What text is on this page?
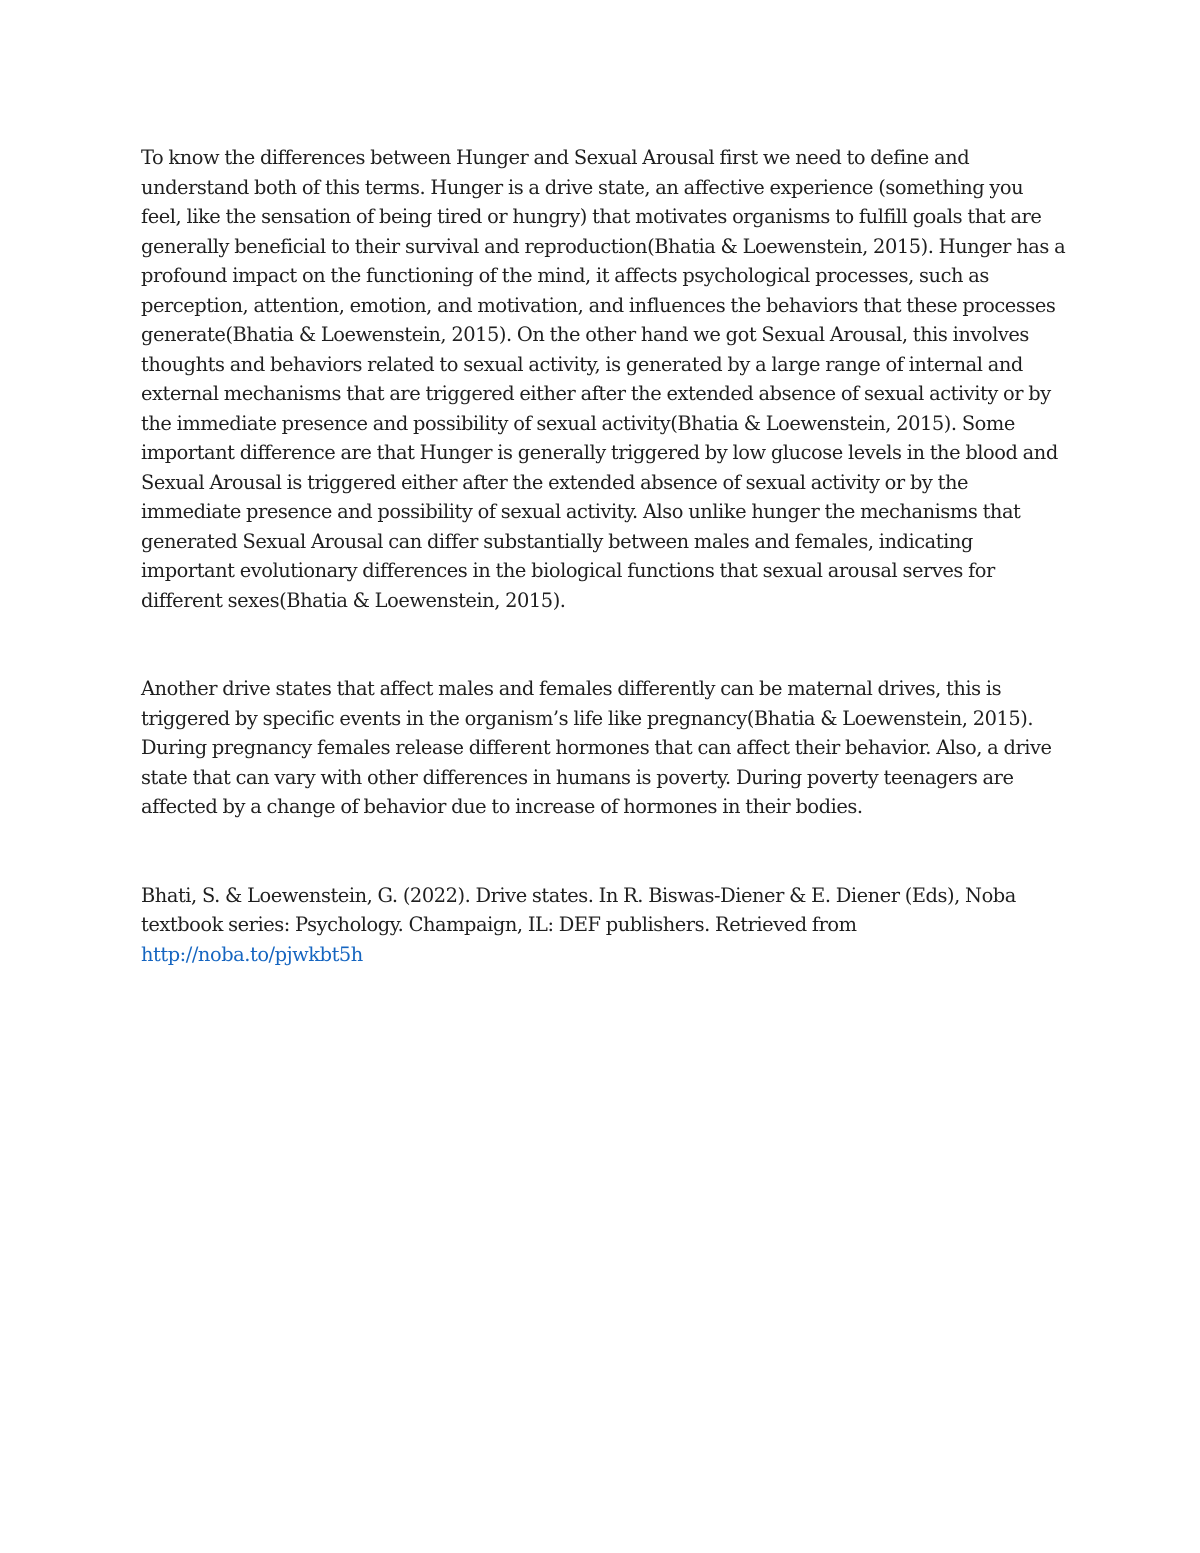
To know the differences between Hunger and Sexual Arousal first we need to define and understand both of this terms. Hunger is a drive state, an affective experience (something you feel, like the sensation of being tired or hungry) that motivates organisms to fulfill goals that are generally beneficial to their survival and reproduction(Bhatia & Loewenstein, 2015). Hunger has a profound impact on the functioning of the mind, it affects psychological processes, such as perception, attention, emotion, and motivation, and influences the behaviors that these processes generate(Bhatia & Loewenstein, 2015). On the other hand we got Sexual Arousal, this involves thoughts and behaviors related to sexual activity, is generated by a large range of internal and external mechanisms that are triggered either after the extended absence of sexual activity or by the immediate presence and possibility of sexual activity(Bhatia & Loewenstein, 2015). Some important difference are that Hunger is generally triggered by low glucose levels in the blood and Sexual Arousal is triggered either after the extended absence of sexual activity or by the immediate presence and possibility of sexual activity. Also unlike hunger the mechanisms that generated Sexual Arousal can differ substantially between males and females, indicating important evolutionary differences in the biological functions that sexual arousal serves for different sexes(Bhatia & Loewenstein, 2015).

Another drive states that affect males and females differently can be maternal drives, this is triggered by specific events in the organism’s life like pregnancy(Bhatia & Loewenstein, 2015). During pregnancy females release different hormones that can affect their behavior. Also, a drive state that can vary with other differences in humans is poverty. During poverty teenagers are affected by a change of behavior due to increase of hormones in their bodies.

Bhati, S. & Loewenstein, G. (2022). Drive states. In R. Biswas-Diener & E. Diener (Eds), Noba textbook series: Psychology. Champaign, IL: DEF publishers. Retrieved from http://noba.to/pjwkbt5h
